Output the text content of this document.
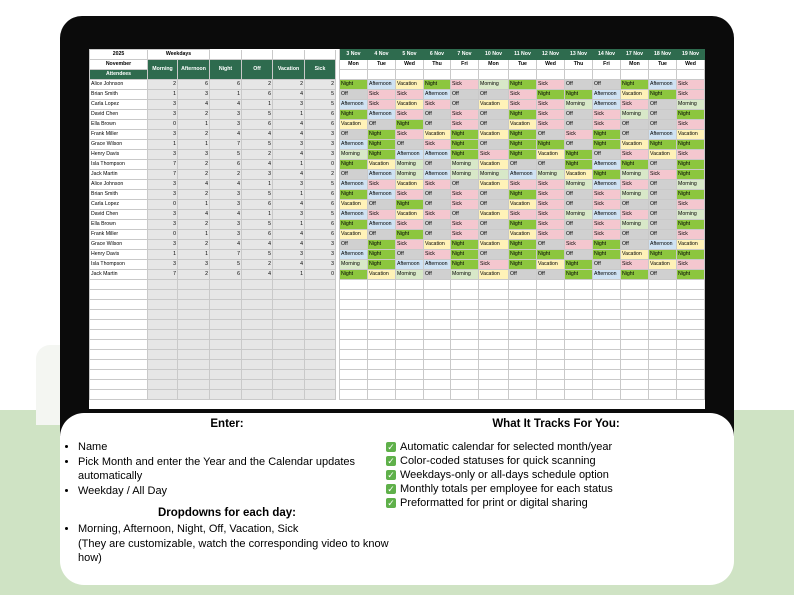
2025	Weekdays							3 Nov	4 Nov	5 Nov	6 Nov	7 Nov	10 Nov	11 Nov	12 Nov	13 Nov	14 Nov	17 Nov	18 Nov	19 Nov
November	Morning	Afternoon	Night	Off	Vacation	Sick		Mon	Tue	Wed	Thu	Fri	Mon	Tue	Wed	Thu	Fri	Mon	Tue	Wed
Attendees																				
Alice Johnson	2	6	6	2	2	2		Night	Afternoon	Vacation	Night	Sick	Morning	Night	Sick	Off	Off	Night	Afternoon	Sick
Brian Smith	1	3	1	6	4	5		Off	Sick	Sick	Afternoon	Off	Off	Sick	Night	Night	Afternoon	Vacation	Night	Sick
Carla Lopez	3	4	4	1	3	5		Afternoon	Sick	Vacation	Sick	Off	Vacation	Sick	Sick	Morning	Afternoon	Sick	Off	Morning
David Chen	3	2	3	5	1	6		Night	Afternoon	Sick	Off	Sick	Off	Night	Sick	Off	Sick	Morning	Off	Night
Ella Brown	0	1	3	6	4	6		Vacation	Off	Night	Off	Sick	Off	Vacation	Sick	Off	Sick	Off	Off	Sick
Frank Miller	3	2	4	4	4	3		Off	Night	Sick	Vacation	Night	Vacation	Night	Off	Sick	Night	Off	Afternoon	Vacation
Grace Wilson	1	1	7	5	3	3		Afternoon	Night	Off	Sick	Night	Off	Night	Night	Off	Night	Vacation	Night	Night
Henry Davis	3	3	5	2	4	3		Morning	Night	Afternoon	Afternoon	Night	Sick	Night	Vacation	Night	Off	Sick	Vacation	Sick
Isla Thompson	7	2	6	4	1	0		Night	Vacation	Morning	Off	Morning	Vacation	Off	Off	Night	Afternoon	Night	Off	Night
Jack Martin	7	2	2	3	4	2		Off	Afternoon	Morning	Afternoon	Morning	Morning	Afternoon	Morning	Vacation	Night	Morning	Sick	Night
Alice Johnson	3	4	4	1	3	5		Afternoon	Sick	Vacation	Sick	Off	Vacation	Sick	Sick	Morning	Afternoon	Sick	Off	Morning
Brian Smith	3	2	3	5	1	6		Night	Afternoon	Sick	Off	Sick	Off	Night	Sick	Off	Sick	Morning	Off	Night
Carla Lopez	0	1	3	6	4	6		Vacation	Off	Night	Off	Sick	Off	Vacation	Sick	Off	Sick	Off	Off	Sick
David Chen	3	4	4	1	3	5		Afternoon	Sick	Vacation	Sick	Off	Vacation	Sick	Sick	Morning	Afternoon	Sick	Off	Morning
Ella Brown	3	2	3	5	1	6		Night	Afternoon	Sick	Off	Sick	Off	Night	Sick	Off	Sick	Morning	Off	Night
Frank Miller	0	1	3	6	4	6		Vacation	Off	Night	Off	Sick	Off	Vacation	Sick	Off	Sick	Off	Off	Sick
Grace Wilson	3	2	4	4	4	3		Off	Night	Sick	Vacation	Night	Vacation	Night	Off	Sick	Night	Off	Afternoon	Vacation
Henry Davis	1	1	7	5	3	3		Afternoon	Night	Off	Sick	Night	Off	Night	Night	Off	Night	Vacation	Night	Night
Isla Thompson	3	3	5	2	4	3		Morning	Night	Afternoon	Afternoon	Night	Sick	Night	Vacation	Night	Off	Sick	Vacation	Sick
Jack Martin	7	2	6	4	1	0		Night	Vacation	Morning	Off	Morning	Vacation	Off	Off	Night	Afternoon	Night	Off	Night

Enter:
• Name
• Pick Month and enter the Year and the Calendar updates automatically
• Weekday / All Day
Dropdowns for each day:
• Morning, Afternoon, Night, Off, Vacation, Sick
(They are customizable, watch the corresponding video to know how)
What It Tracks For You:
✓ Automatic calendar for selected month/year
✓ Color-coded statuses for quick scanning
✓ Weekdays-only or all-days schedule option
✓ Monthly totals per employee for each status
✓ Preformatted for print or digital sharing
